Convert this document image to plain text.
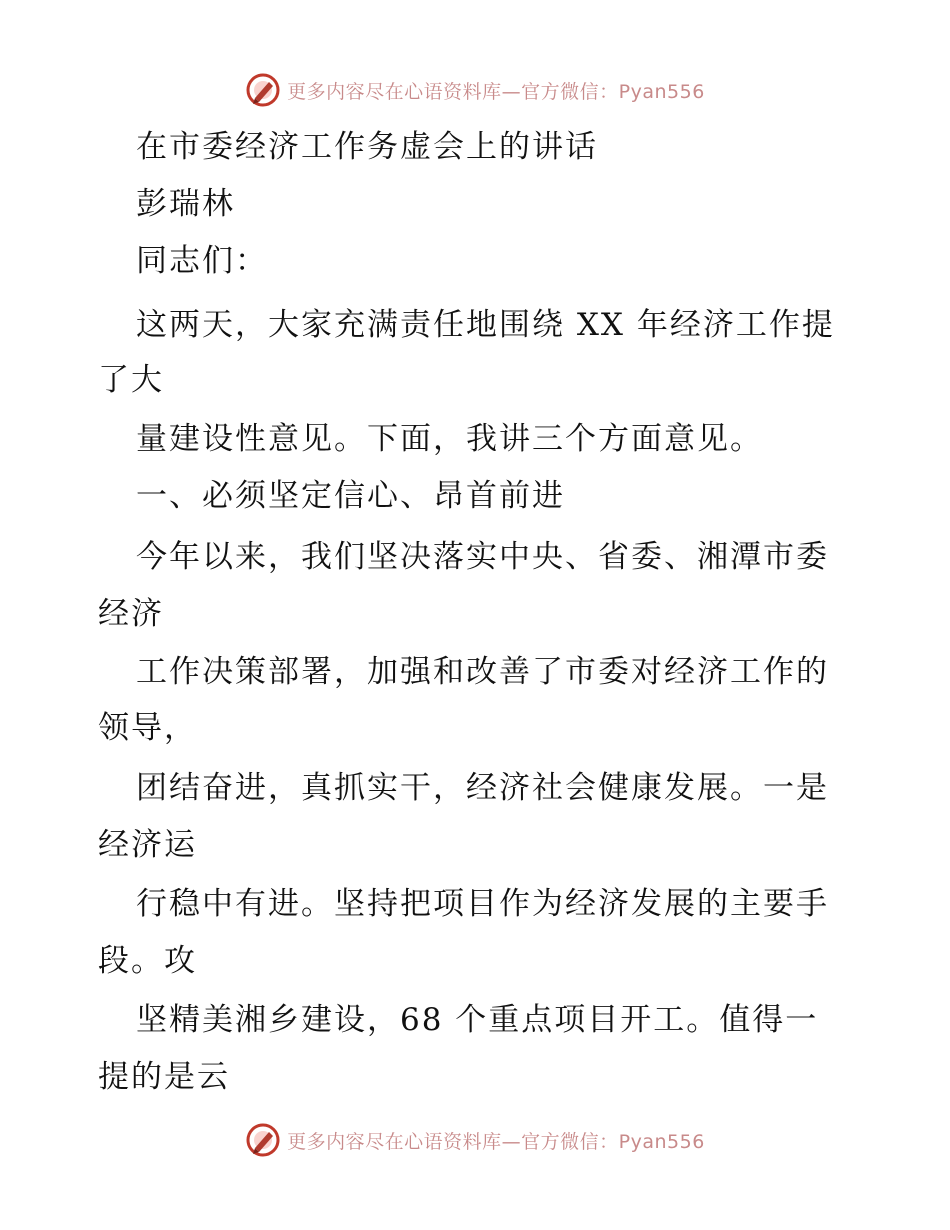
更多内容尽在心语资料库—官方微信：Pyan556
在市委经济工作务虚会上的讲话
彭瑞林
同志们：
这两天，大家充满责任地围绕 XX 年经济工作提
了大
量建设性意见。下面，我讲三个方面意见。
一、必须坚定信心、昂首前进
今年以来，我们坚决落实中央、省委、湘潭市委
经济
工作决策部署，加强和改善了市委对经济工作的
领导，
团结奋进，真抓实干，经济社会健康发展。一是
经济运
行稳中有进。坚持把项目作为经济发展的主要手
段。攻
坚精美湘乡建设，68 个重点项目开工。值得一
提的是云
更多内容尽在心语资料库—官方微信：Pyan556
